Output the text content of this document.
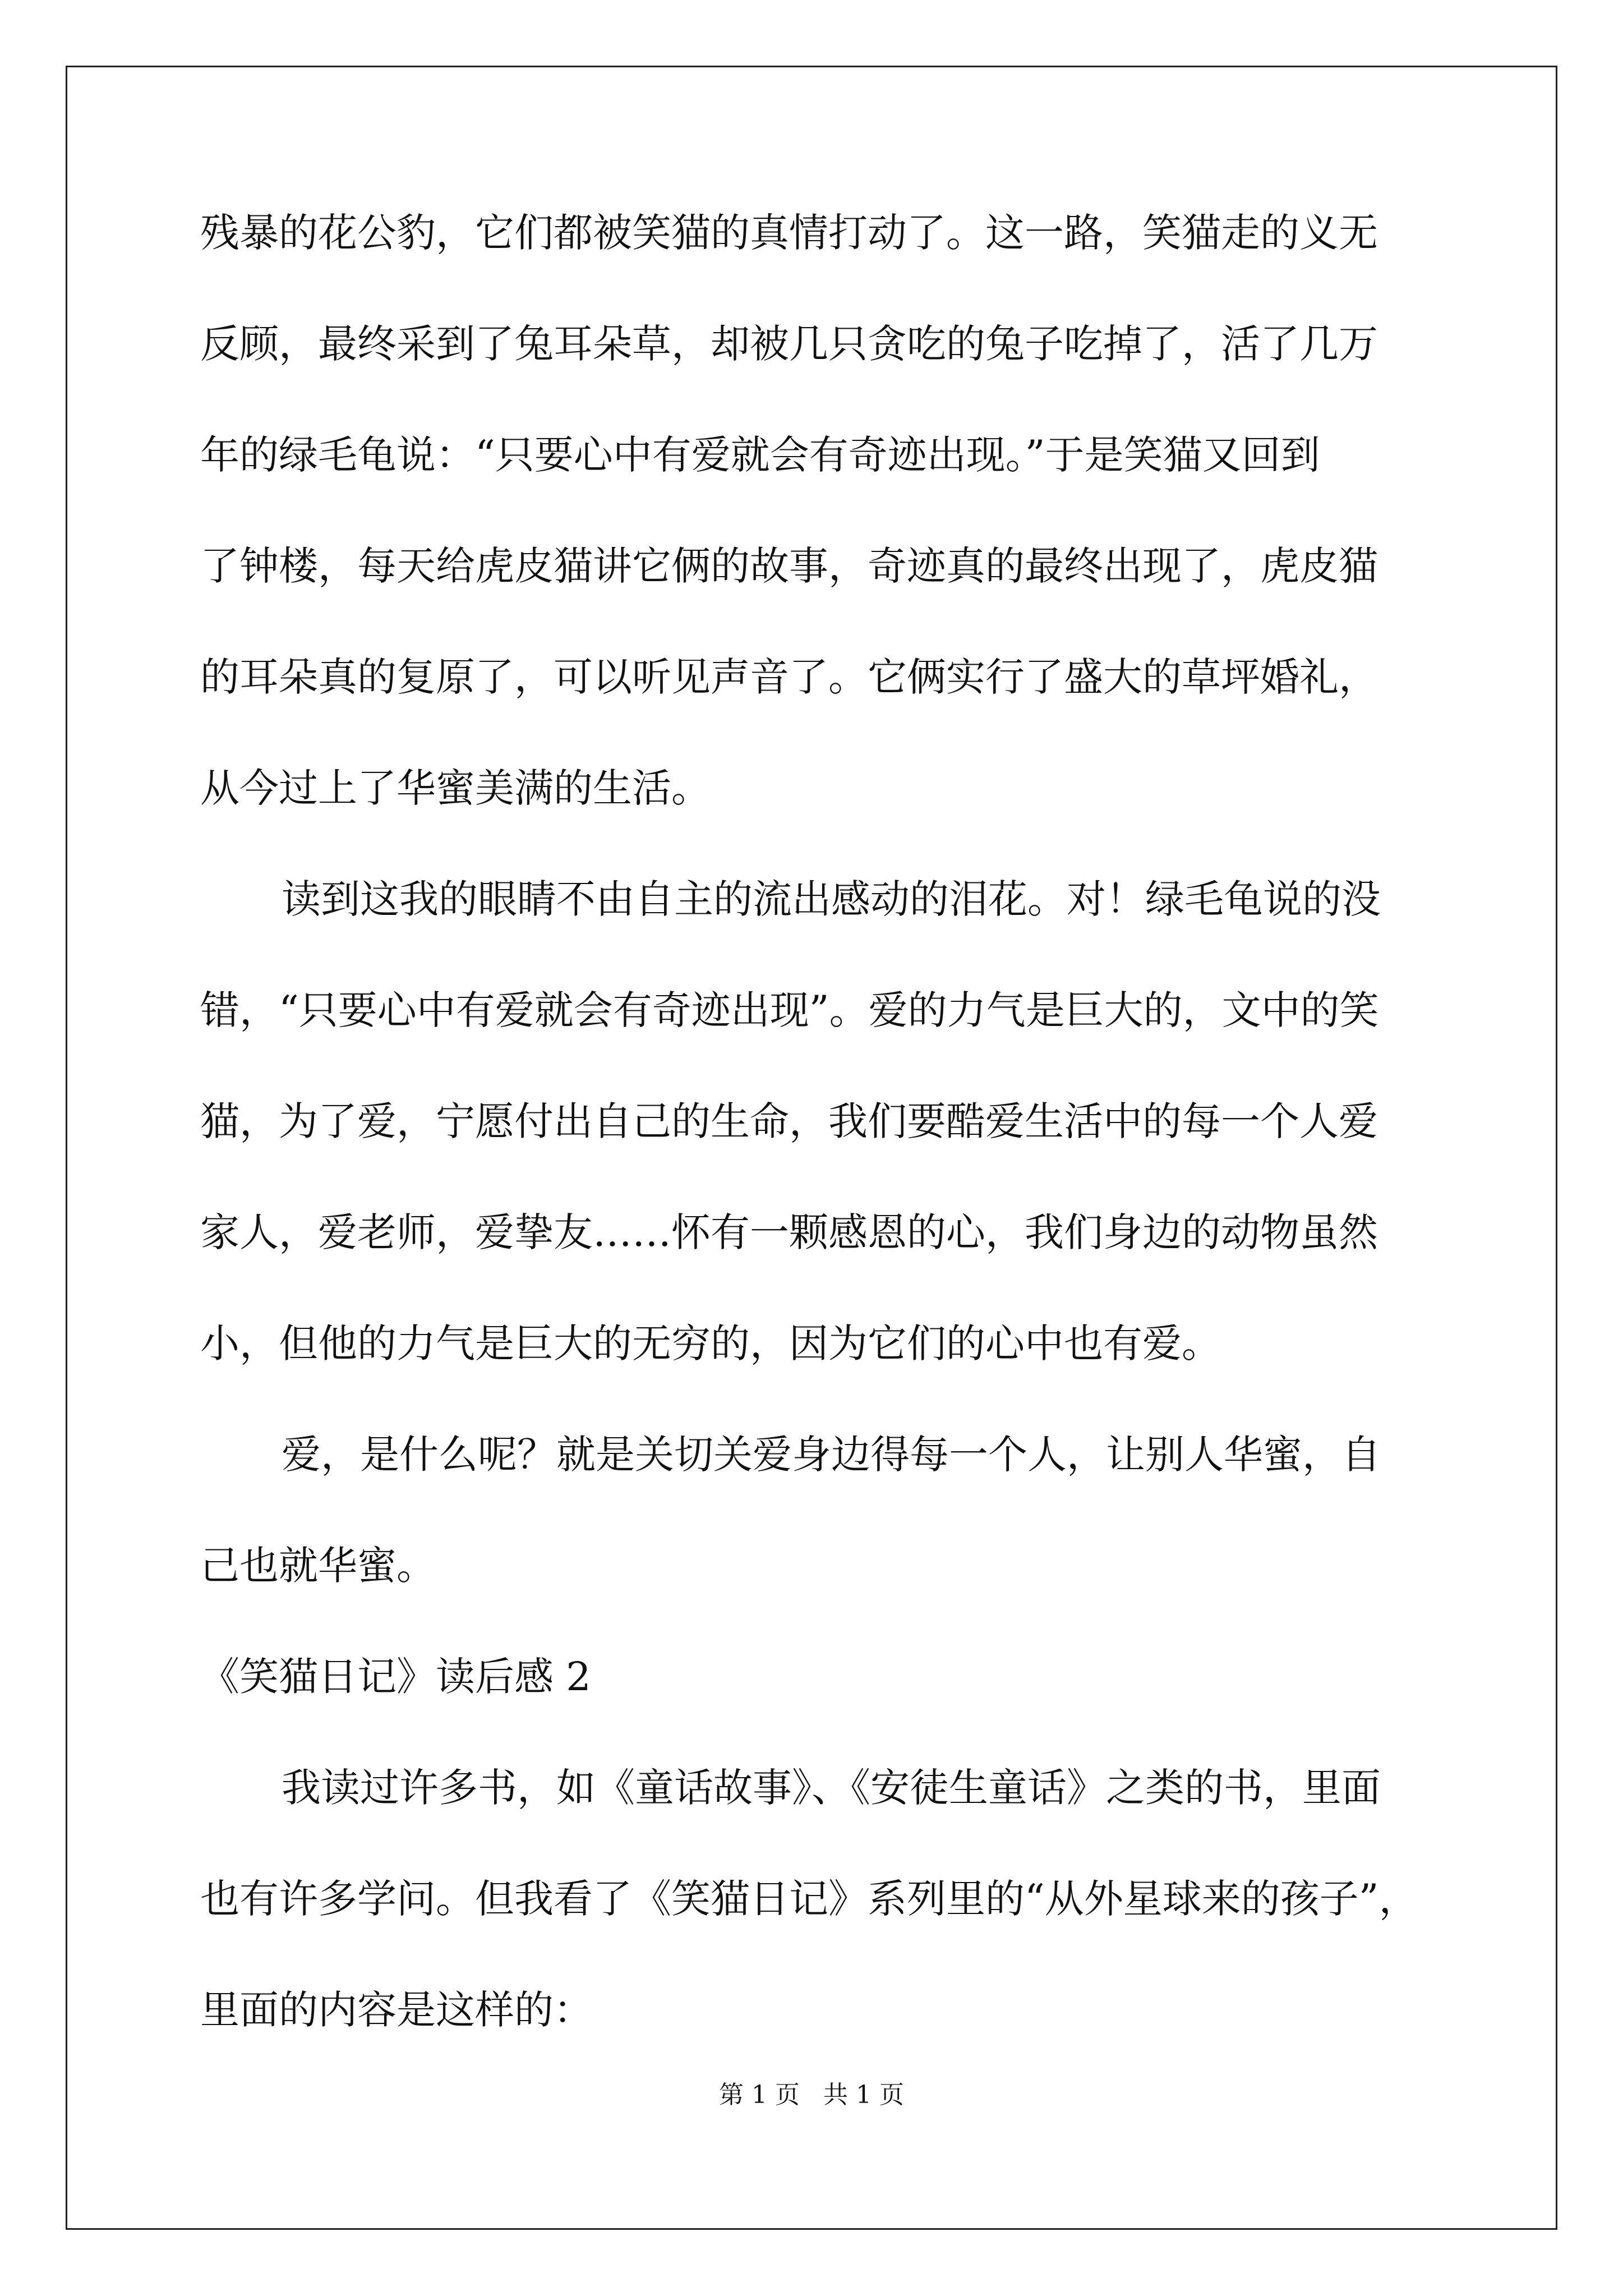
残暴的花公豹，它们都被笑猫的真情打动了。这一路，笑猫走的义无
反顾，最终采到了兔耳朵草，却被几只贪吃的兔子吃掉了，活了几万
年的绿毛龟说：“只要心中有爱就会有奇迹出现。”于是笑猫又回到
了钟楼，每天给虎皮猫讲它俩的故事，奇迹真的最终出现了，虎皮猫
的耳朵真的复原了，可以听见声音了。它俩实行了盛大的草坪婚礼，
从今过上了华蜜美满的生活。
读到这我的眼睛不由自主的流出感动的泪花。对！绿毛龟说的没
错，“只要心中有爱就会有奇迹出现”。爱的力气是巨大的，文中的笑
猫，为了爱，宁愿付出自己的生命，我们要酷爱生活中的每一个人爱
家人，爱老师，爱挚友……怀有一颗感恩的心，我们身边的动物虽然
小，但他的力气是巨大的无穷的，因为它们的心中也有爱。
爱，是什么呢？就是关切关爱身边得每一个人，让别人华蜜，自
己也就华蜜。
《笑猫日记》读后感 2
我读过许多书，如《童话故事》、《安徒生童话》之类的书，里面
也有许多学问。但我看了《笑猫日记》系列里的“从外星球来的孩子”，
里面的内容是这样的：
第 1 页   共 1 页
